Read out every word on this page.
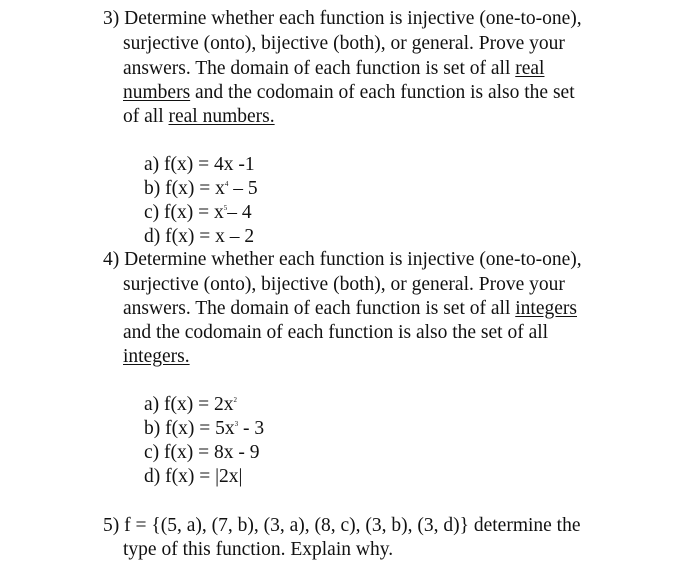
3) Determine whether each function is injective (one-to-one),
surjective (onto), bijective (both), or general. Prove your
answers. The domain of each function is set of all real
numbers and the codomain of each function is also the set
of all real numbers.
a) f(x) = 4x -1
b) $f(x) = x^4 - 5$
c) $f(x) = x^5-$ 4
d) f(x) = x – 2
4) Determine whether each function is injective (one-to-one),
surjective (onto), bijective (both), or general. Prove your
answers. The domain of each function is set of all integers
and the codomain of each function is also the set of all
integers.
a) $f(x) = 2x^2$
b) $f(x) = 5x^3 - 3$
c) f(x) = 8x - 9
d) f(x) = |2x|
5) f = {(5, a), (7, b), (3, a), (8, c), (3, b), (3, d)} determine the
type of this function. Explain why.
